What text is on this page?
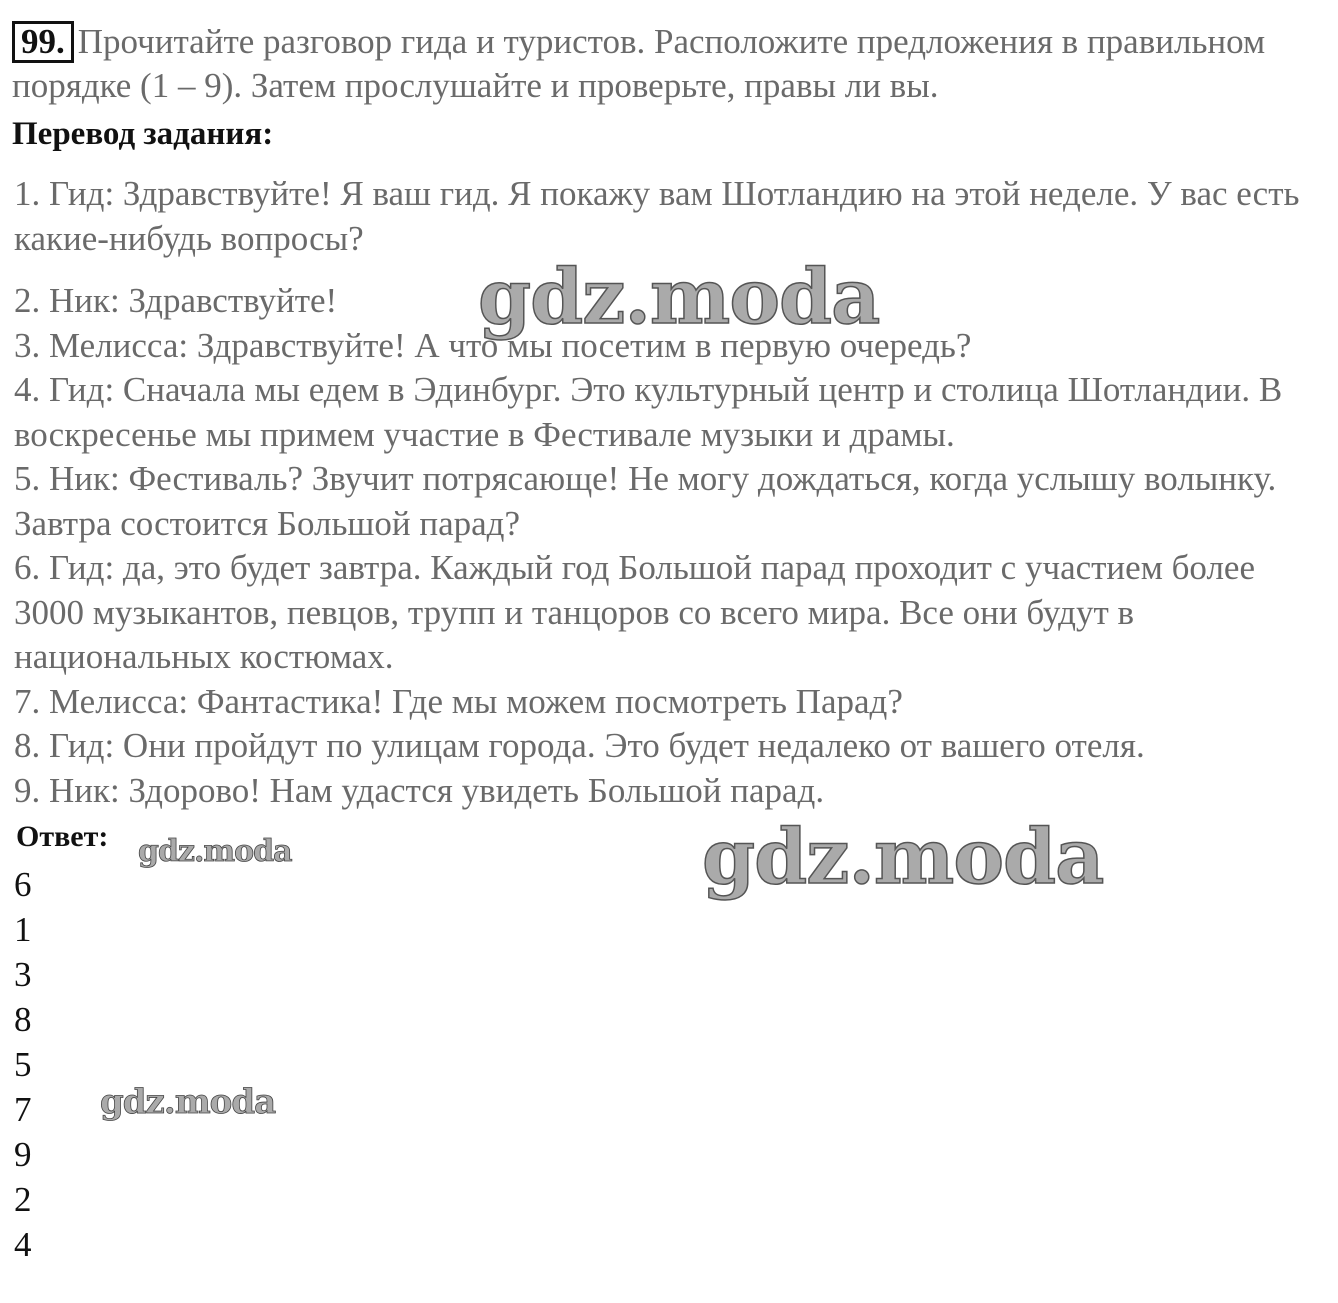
99. Прочитайте разговор гида и туристов. Расположите предложения в правильном порядке (1 – 9). Затем прослушайте и проверьте, правы ли вы.
Перевод задания:

1. Гид: Здравствуйте! Я ваш гид. Я покажу вам Шотландию на этой неделе. У вас есть какие-нибудь вопросы?

2. Ник: Здравствуйте!

3. Мелисса: Здравствуйте! А что мы посетим в первую очередь?

4. Гид: Сначала мы едем в Эдинбург. Это культурный центр и столица Шотландии. В воскресенье мы примем участие в Фестивале музыки и драмы.

5. Ник: Фестиваль? Звучит потрясающе! Не могу дождаться, когда услышу волынку. Завтра состоится Большой парад?

6. Гид: да, это будет завтра. Каждый год Большой парад проходит с участием более 3000 музыкантов, певцов, трупп и танцоров со всего мира. Все они будут в национальных костюмах.

7. Мелисса: Фантастика! Где мы можем посмотреть Парад?

8. Гид: Они пройдут по улицам города. Это будет недалеко от вашего отеля.

9. Ник: Здорово! Нам удастся увидеть Большой парад.

Ответ:
6
1
3
8
5
7
9
2
4
gdz.moda
gdz.moda
gdz.moda
gdz.moda
